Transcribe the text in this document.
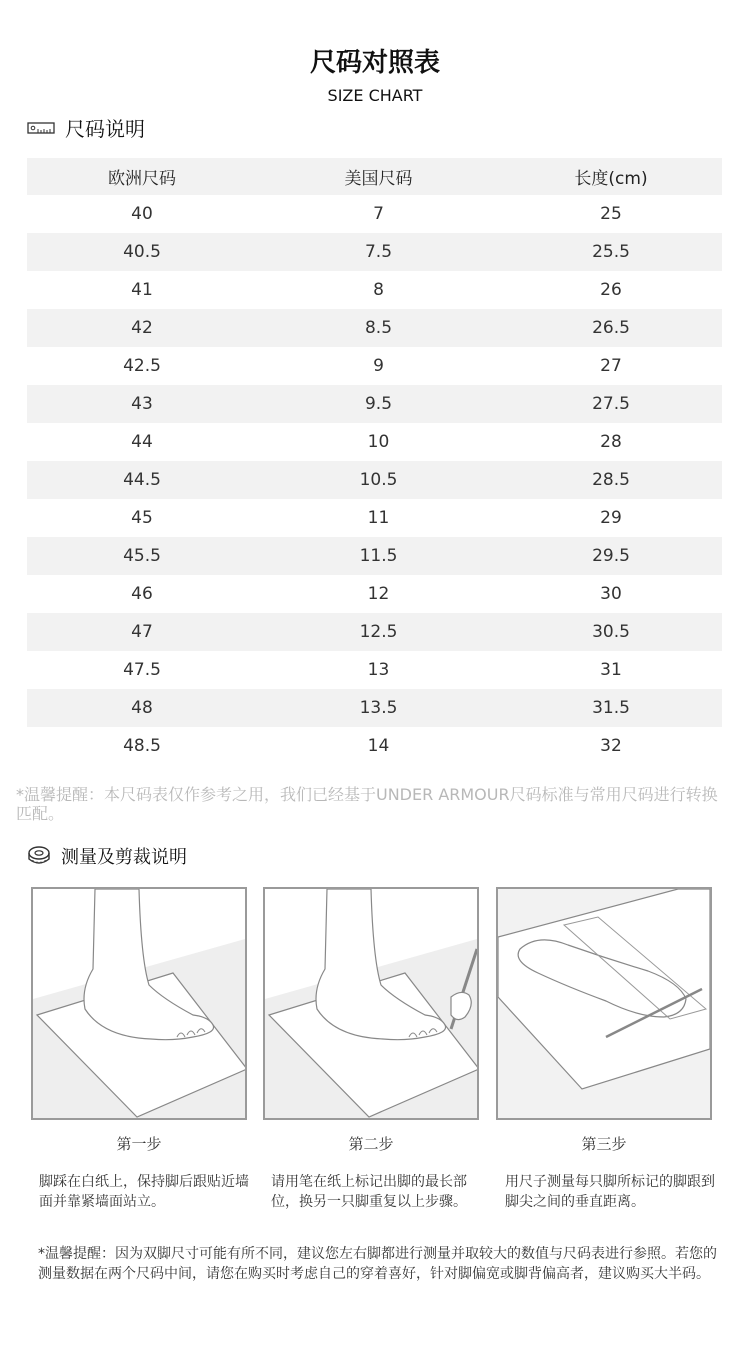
尺码对照表
SIZE CHART
尺码说明
欧洲尺码	美国尺码	长度(cm)
40	7	25
40.5	7.5	25.5
41	8	26
42	8.5	26.5
42.5	9	27
43	9.5	27.5
44	10	28
44.5	10.5	28.5
45	11	29
45.5	11.5	29.5
46	12	30
47	12.5	30.5
47.5	13	31
48	13.5	31.5
48.5	14	32
*温馨提醒：本尺码表仅作参考之用，我们已经基于UNDER ARMOUR尺码标准与常用尺码进行转换匹配。
测量及剪裁说明
第一步	第二步	第三步
脚踩在白纸上，保持脚后跟贴近墙面并靠紧墙面站立。
请用笔在纸上标记出脚的最长部位，换另一只脚重复以上步骤。
用尺子测量每只脚所标记的脚跟到脚尖之间的垂直距离。
*温馨提醒：因为双脚尺寸可能有所不同，建议您左右脚都进行测量并取较大的数值与尺码表进行参照。若您的测量数据在两个尺码中间，请您在购买时考虑自己的穿着喜好，针对脚偏宽或脚背偏高者，建议购买大半码。
